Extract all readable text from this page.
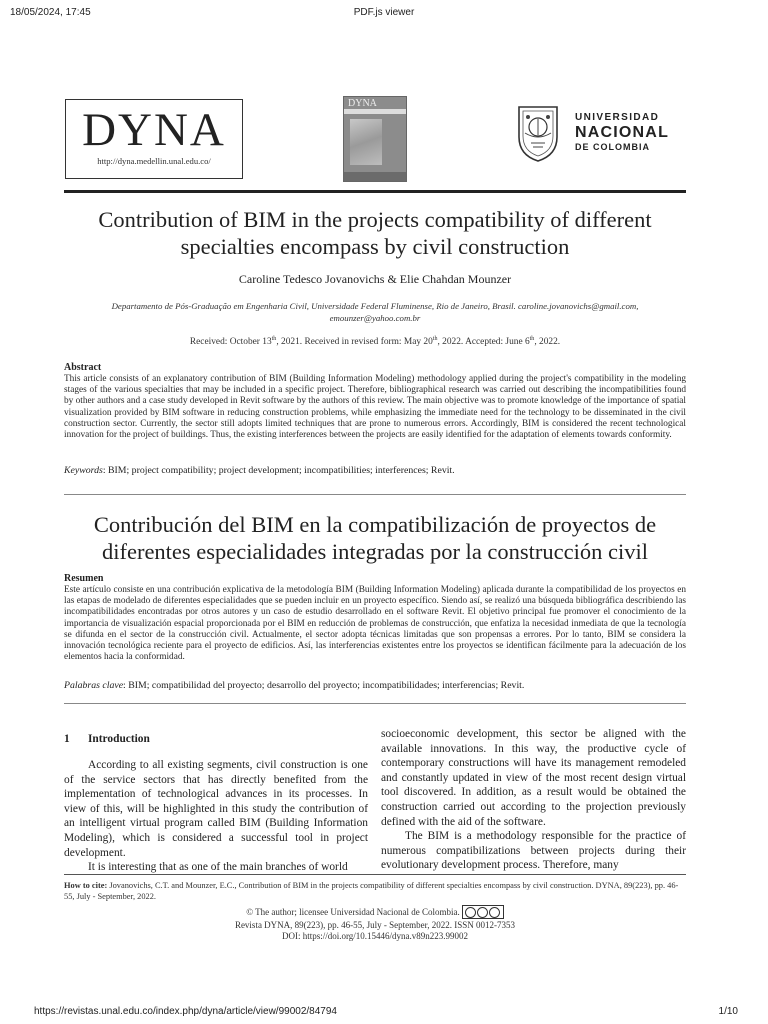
18/05/2024, 17:45	PDF.js viewer
DYNA
http://dyna.medellin.unal.edu.co/
DYNA
UNIVERSIDAD
NACIONAL
DE COLOMBIA
Contribution of BIM in the projects compatibility of different specialties encompass by civil construction
Caroline Tedesco Jovanovichs & Elie Chahdan Mounzer
Departamento de Pós-Graduação em Engenharia Civil, Universidade Federal Fluminense, Rio de Janeiro, Brasil. caroline.jovanovichs@gmail.com, emounzer@yahoo.com.br
Received: October 13th, 2021. Received in revised form: May 20th, 2022. Accepted: June 6th, 2022.
Abstract
This article consists of an explanatory contribution of BIM (Building Information Modeling) methodology applied during the project's compatibility in the modeling stages of the various specialties that may be included in a specific project. Therefore, bibliographical research was carried out describing the incompatibilities found by other authors and a case study developed in Revit software by the authors of this review. The main objective was to promote knowledge of the importance of spatial visualization provided by BIM software in reducing construction problems, while emphasizing the immediate need for the technology to be disseminated in the civil construction sector. Currently, the sector still adopts limited techniques that are prone to numerous errors. Accordingly, BIM is considered the recent technological innovation for the project of buildings. Thus, the existing interferences between the projects are easily identified for the adaptation of elements towards conformity.
Keywords: BIM; project compatibility; project development; incompatibilities; interferences; Revit.
Contribución del BIM en la compatibilización de proyectos de diferentes especialidades integradas por la construcción civil
Resumen
Este artículo consiste en una contribución explicativa de la metodología BIM (Building Information Modeling) aplicada durante la compatibilidad de los proyectos en las etapas de modelado de diferentes especialidades que se pueden incluir en un proyecto específico. Siendo así, se realizó una búsqueda bibliográfica describiendo las incompatibilidades encontradas por otros autores y un caso de estudio desarrollado en el software Revit. El objetivo principal fue promover el conocimiento de la importancia de visualización espacial proporcionada por el BIM en reducción de problemas de construcción, que enfatiza la necesidad inmediata de que la tecnología se difunda en el sector de la construcción civil. Actualmente, el sector adopta técnicas limitadas que son propensas a errores. Por lo tanto, BIM se considera la innovación tecnológica reciente para el proyecto de edificios. Así, las interferencias existentes entre los proyectos se identifican fácilmente para la adecuación de los elementos hacia la conformidad.
Palabras clave: BIM; compatibilidad del proyecto; desarrollo del proyecto; incompatibilidades; interferencias; Revit.
1 Introduction

According to all existing segments, civil construction is one of the service sectors that has directly benefited from the implementation of technological advances in its processes. In view of this, will be highlighted in this study the contribution of an intelligent virtual program called BIM (Building Information Modeling), which is considered a successful tool in project development.

It is interesting that as one of the main branches of world

socioeconomic development, this sector be aligned with the available innovations. In this way, the productive cycle of contemporary constructions will have its management remodeled and constantly updated in view of the most recent design virtual tool discovered. In addition, as a result would be obtained the construction carried out according to the projection previously defined with the aid of the software.

The BIM is a methodology responsible for the practice of numerous compatibilizations between projects during their evolutionary development process. Therefore, many

How to cite: Jovanovichs, C.T. and Mounzer, E.C., Contribution of BIM in the projects compatibility of different specialties encompass by civil construction. DYNA, 89(223), pp. 46-55, July - September, 2022.
© The author; licensee Universidad Nacional de Colombia.
Revista DYNA, 89(223), pp. 46-55, July - September, 2022. ISSN 0012-7353
DOI: https://doi.org/10.15446/dyna.v89n223.99002
https://revistas.unal.edu.co/index.php/dyna/article/view/99002/84794	1/10
